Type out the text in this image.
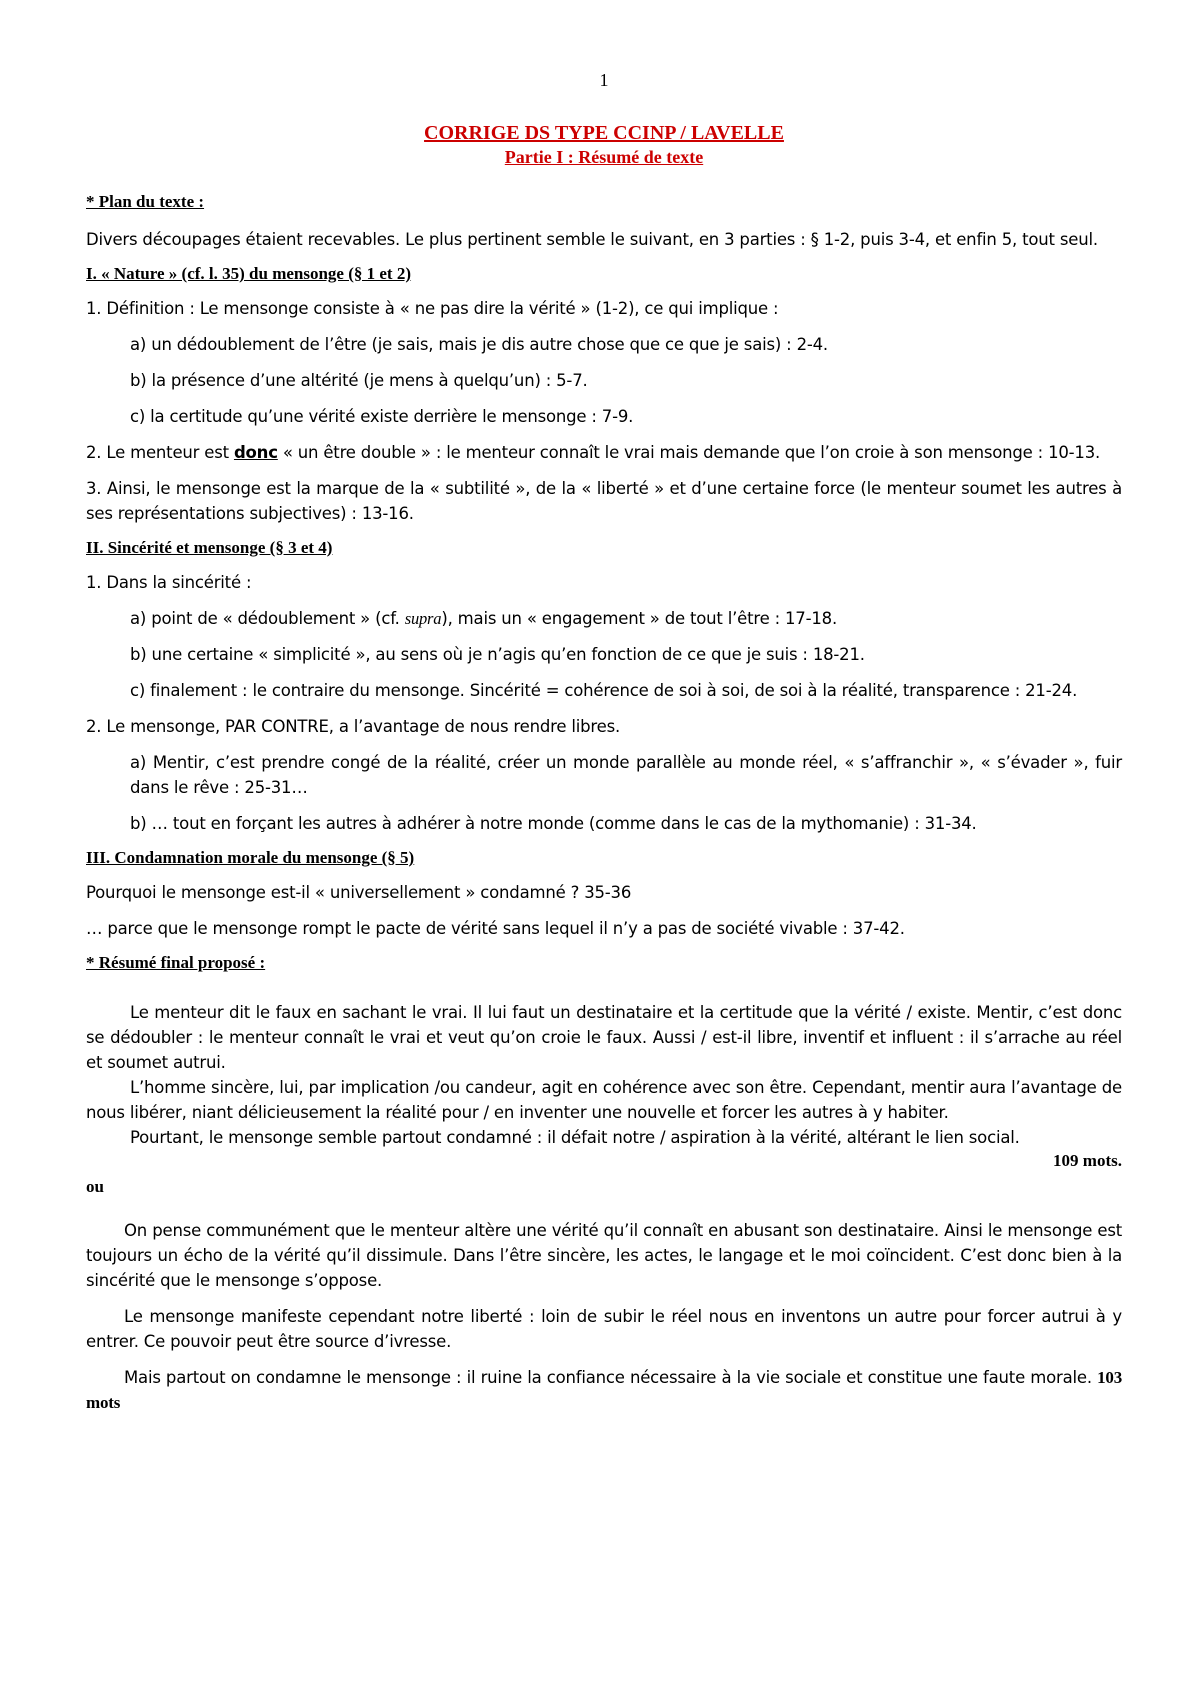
1

CORRIGE DS TYPE CCINP / LAVELLE

Partie I : Résumé de texte

* Plan du texte :

Divers découpages étaient recevables. Le plus pertinent semble le suivant, en 3 parties : § 1-2, puis 3-4, et enfin 5, tout seul.

I. « Nature » (cf. l. 35) du mensonge (§ 1 et 2)

1. Définition : Le mensonge consiste à « ne pas dire la vérité » (1-2), ce qui implique :

a) un dédoublement de l’être (je sais, mais je dis autre chose que ce que je sais) : 2-4.

b) la présence d’une altérité (je mens à quelqu’un) : 5-7.

c) la certitude qu’une vérité existe derrière le mensonge : 7-9.

2. Le menteur est donc « un être double » : le menteur connaît le vrai mais demande que l’on croie à son mensonge : 10-13.

3. Ainsi, le mensonge est la marque de la « subtilité », de la « liberté » et d’une certaine force (le menteur soumet les autres à ses représentations subjectives) : 13-16.

II. Sincérité et mensonge (§ 3 et 4)

1. Dans la sincérité :

a) point de « dédoublement » (cf. supra), mais un « engagement » de tout l’être : 17-18.

b) une certaine « simplicité », au sens où je n’agis qu’en fonction de ce que je suis : 18-21.

c) finalement : le contraire du mensonge. Sincérité = cohérence de soi à soi, de soi à la réalité, transparence : 21-24.

2. Le mensonge, PAR CONTRE, a l’avantage de nous rendre libres.

a) Mentir, c’est prendre congé de la réalité, créer un monde parallèle au monde réel, « s’affranchir », « s’évader », fuir dans le rêve : 25-31…

b) … tout en forçant les autres à adhérer à notre monde (comme dans le cas de la mythomanie) : 31-34.

III. Condamnation morale du mensonge (§ 5)

Pourquoi le mensonge est-il « universellement » condamné ? 35-36

… parce que le mensonge rompt le pacte de vérité sans lequel il n’y a pas de société vivable : 37-42.

* Résumé final proposé :

Le menteur dit le faux en sachant le vrai. Il lui faut un destinataire et la certitude que la vérité / existe. Mentir, c’est donc se dédoubler : le menteur connaît le vrai et veut qu’on croie le faux. Aussi / est-il libre, inventif et influent : il s’arrache au réel et soumet autrui.

L’homme sincère, lui, par implication /ou candeur, agit en cohérence avec son être. Cependant, mentir aura l’avantage de nous libérer, niant délicieusement la réalité pour / en inventer une nouvelle et forcer les autres à y habiter.

Pourtant, le mensonge semble partout condamné : il défait notre / aspiration à la vérité, altérant le lien social.

109 mots.

ou

On pense communément que le menteur altère une vérité qu’il connaît en abusant son destinataire. Ainsi le mensonge est toujours un écho de la vérité qu’il dissimule. Dans l’être sincère, les actes, le langage et le moi coïncident. C’est donc bien à la sincérité que le mensonge s’oppose.

Le mensonge manifeste cependant notre liberté : loin de subir le réel nous en inventons un autre pour forcer autrui à y entrer. Ce pouvoir peut être source d’ivresse.

Mais partout on condamne le mensonge : il ruine la confiance nécessaire à la vie sociale et constitue une faute morale. 103 mots
